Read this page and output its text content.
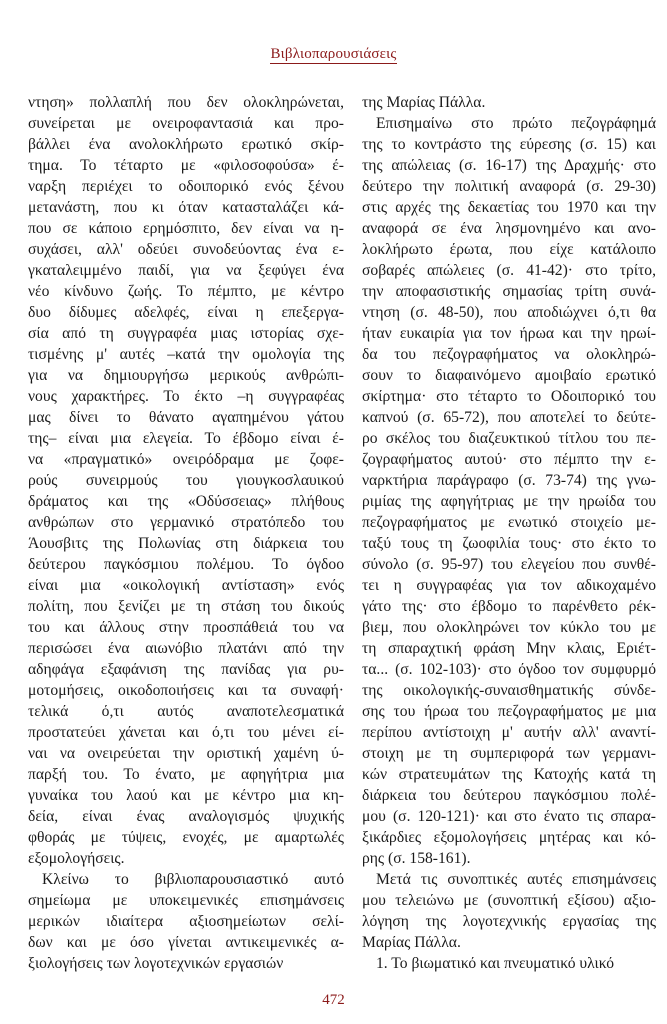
Βιβλιοπαρουσιάσεις
ντηση» πολλαπλή που δεν ολοκληρώνεται,
συνείρεται με ονειροφαντασιά και προ-
βάλλει ένα ανολοκλήρωτο ερωτικό σκίρ-
τημα. Το τέταρτο με «φιλοσοφούσα» έ-
ναρξη περιέχει το οδοιπορικό ενός ξένου
μετανάστη, που κι όταν κατασταλάζει κά-
που σε κάποιο ερημόσπιτο, δεν είναι να η-
συχάσει, αλλ' οδεύει συνοδεύοντας ένα ε-
γκαταλειμμένο παιδί, για να ξεφύγει ένα
νέο κίνδυνο ζωής. Το πέμπτο, με κέντρο
δυο δίδυμες αδελφές, είναι η επεξεργα-
σία από τη συγγραφέα μιας ιστορίας σχε-
τισμένης μ' αυτές –κατά την ομολογία της
για να δημιουργήσω μερικούς ανθρώπι-
νους χαρακτήρες. Το έκτο –η συγγραφέας
μας δίνει το θάνατο αγαπημένου γάτου
της– είναι μια ελεγεία. Το έβδομο είναι έ-
να «πραγματικό» ονειρόδραμα με ζοφε-
ρούς συνειρμούς του γιουγκοσλαυικού
δράματος και της «Οδύσσειας» πλήθους
ανθρώπων στο γερμανικό στρατόπεδο του
Άουσβιτς της Πολωνίας στη διάρκεια του
δεύτερου παγκόσμιου πολέμου. Το όγδοο
είναι μια «οικολογική αντίσταση» ενός
πολίτη, που ξενίζει με τη στάση του δικούς
του και άλλους στην προσπάθειά του να
περισώσει ένα αιωνόβιο πλατάνι από την
αδηφάγα εξαφάνιση της πανίδας για ρυ-
μοτομήσεις, οικοδοποιήσεις και τα συναφή·
τελικά ό,τι αυτός αναποτελεσματικά
προστατεύει χάνεται και ό,τι του μένει εί-
ναι να ονειρεύεται την οριστική χαμένη ύ-
παρξή του. Το ένατο, με αφηγήτρια μια
γυναίκα του λαού και με κέντρο μια κη-
δεία, είναι ένας αναλογισμός ψυχικής
φθοράς με τύψεις, ενοχές, με αμαρτωλές
εξομολογήσεις.
Κλείνω το βιβλιοπαρουσιαστικό αυτό
σημείωμα με υποκειμενικές επισημάνσεις
μερικών ιδιαίτερα αξιοσημείωτων σελί-
δων και με όσο γίνεται αντικειμενικές α-
ξιολογήσεις των λογοτεχνικών εργασιών
της Μαρίας Πάλλα.
Επισημαίνω στο πρώτο πεζογράφημά
της το κοντράστο της εύρεσης (σ. 15) και
της απώλειας (σ. 16-17) της Δραχμής· στο
δεύτερο την πολιτική αναφορά (σ. 29-30)
στις αρχές της δεκαετίας του 1970 και την
αναφορά σε ένα λησμονημένο και ανο-
λοκλήρωτο έρωτα, που είχε κατάλοιπο
σοβαρές απώλειες (σ. 41-42)· στο τρίτο,
την αποφασιστικής σημασίας τρίτη συνά-
ντηση (σ. 48-50), που αποδιώχνει ό,τι θα
ήταν ευκαιρία για τον ήρωα και την ηρωί-
δα του πεζογραφήματος να ολοκληρώ-
σουν το διαφαινόμενο αμοιβαίο ερωτικό
σκίρτημα· στο τέταρτο το Οδοιπορικό του
καπνού (σ. 65-72), που αποτελεί το δεύτε-
ρο σκέλος του διαζευκτικού τίτλου του πε-
ζογραφήματος αυτού· στο πέμπτο την ε-
ναρκτήρια παράγραφο (σ. 73-74) της γνω-
ριμίας της αφηγήτριας με την ηρωίδα του
πεζογραφήματος με ενωτικό στοιχείο με-
ταξύ τους τη ζωοφιλία τους· στο έκτο το
σύνολο (σ. 95-97) του ελεγείου που συνθέ-
τει η συγγραφέας για τον αδικοχαμένο
γάτο της· στο έβδομο το παρένθετο ρέκ-
βιεμ, που ολοκληρώνει τον κύκλο του με
τη σπαραχτική φράση Μην κλαις, Εριέτ-
τα... (σ. 102-103)· στο όγδοο τον συμφυρμό
της οικολογικής-συναισθηματικής σύνδε-
σης του ήρωα του πεζογραφήματος με μια
περίπου αντίστοιχη μ' αυτήν αλλ' αναντί-
στοιχη με τη συμπεριφορά των γερμανι-
κών στρατευμάτων της Κατοχής κατά τη
διάρκεια του δεύτερου παγκόσμιου πολέ-
μου (σ. 120-121)· και στο ένατο τις σπαρα-
ξικάρδιες εξομολογήσεις μητέρας και κό-
ρης (σ. 158-161).
Μετά τις συνοπτικές αυτές επισημάνσεις
μου τελειώνω με (συνοπτική εξίσου) αξιο-
λόγηση της λογοτεχνικής εργασίας της
Μαρίας Πάλλα.
1. Το βιωματικό και πνευματικό υλικό
472
